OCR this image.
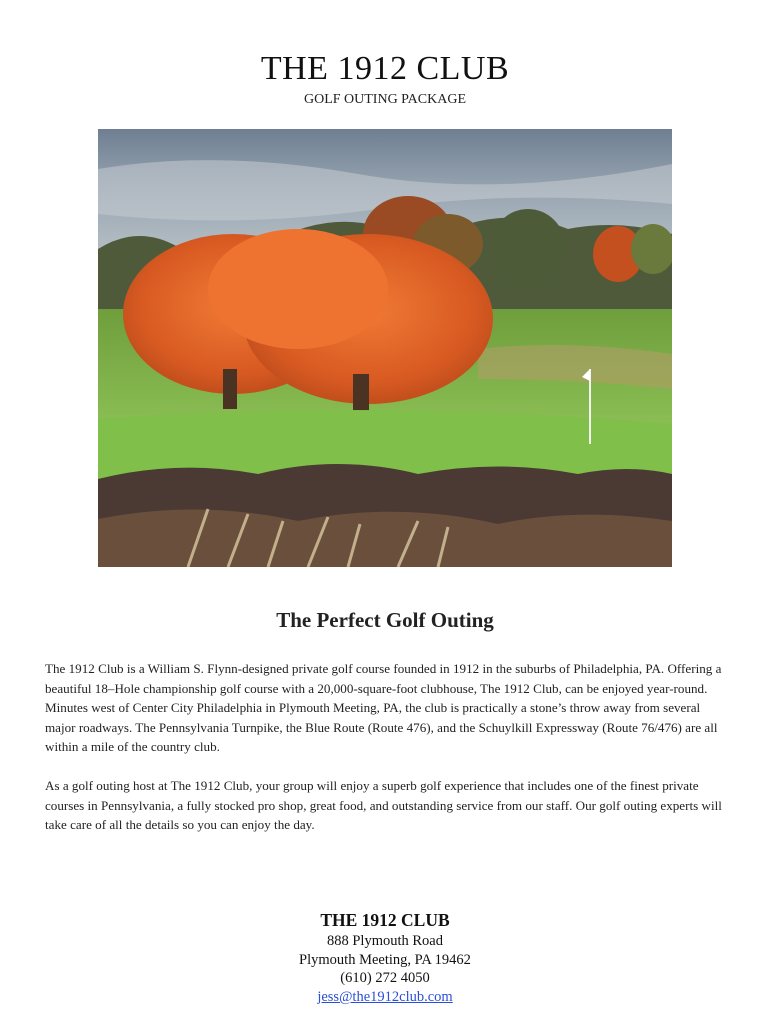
THE 1912 CLUB
GOLF OUTING PACKAGE
The Perfect Golf Outing

The 1912 Club is a William S. Flynn-designed private golf course founded in 1912 in the suburbs of Philadelphia, PA. Offering a beautiful 18–Hole championship golf course with a 20,000-square-foot clubhouse, The 1912 Club, can be enjoyed year-round. Minutes west of Center City Philadelphia in Plymouth Meeting, PA, the club is practically a stone’s throw away from several major roadways. The Pennsylvania Turnpike, the Blue Route (Route 476), and the Schuylkill Expressway (Route 76/476) are all within a mile of the country club.

As a golf outing host at The 1912 Club, your group will enjoy a superb golf experience that includes one of the finest private courses in Pennsylvania, a fully stocked pro shop, great food, and outstanding service from our staff. Our golf outing experts will take care of all the details so you can enjoy the day.

THE 1912 CLUB
888 Plymouth Road
Plymouth Meeting, PA 19462
(610) 272 4050
jess@the1912club.com
